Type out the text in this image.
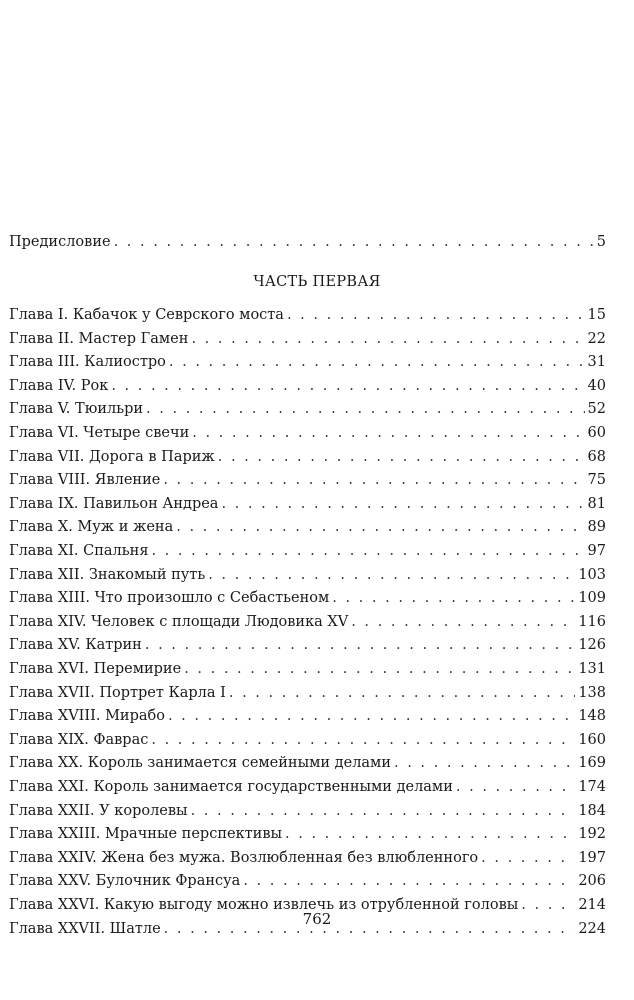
Предисловие . . .	5
ЧАСТЬ ПЕРВАЯ
Глава I. Кабачок у Севрского моста . . .	15
Глава II. Мастер Гамен . . .	22
Глава III. Калиостро . . .	31
Глава IV. Рок . . .	40
Глава V. Тюильри . . .	52
Глава VI. Четыре свечи . . .	60
Глава VII. Дорога в Париж . . .	68
Глава VIII. Явление . . .	75
Глава IX. Павильон Андреа . . .	81
Глава X. Муж и жена . . .	89
Глава XI. Спальня . . .	97
Глава XII. Знакомый путь . . .	103
Глава XIII. Что произошло с Себастьеном . . .	109
Глава XIV. Человек с площади Людовика XV . . .	116
Глава XV. Катрин . . .	126
Глава XVI. Перемирие . . .	131
Глава XVII. Портрет Карла I . . .	138
Глава XVIII. Мирабо . . .	148
Глава XIX. Фаврас . . .	160
Глава XX. Король занимается семейными делами . . .	169
Глава XXI. Король занимается государственными делами . . .	174
Глава XXII. У королевы . . .	184
Глава XXIII. Мрачные перспективы . . .	192
Глава XXIV. Жена без мужа. Возлюбленная без влюбленного . . .	197
Глава XXV. Булочник Франсуа . . .	206
Глава XXVI. Какую выгоду можно извлечь из отрубленной головы . . .	214
Глава XXVII. Шатле . . .	224
762
